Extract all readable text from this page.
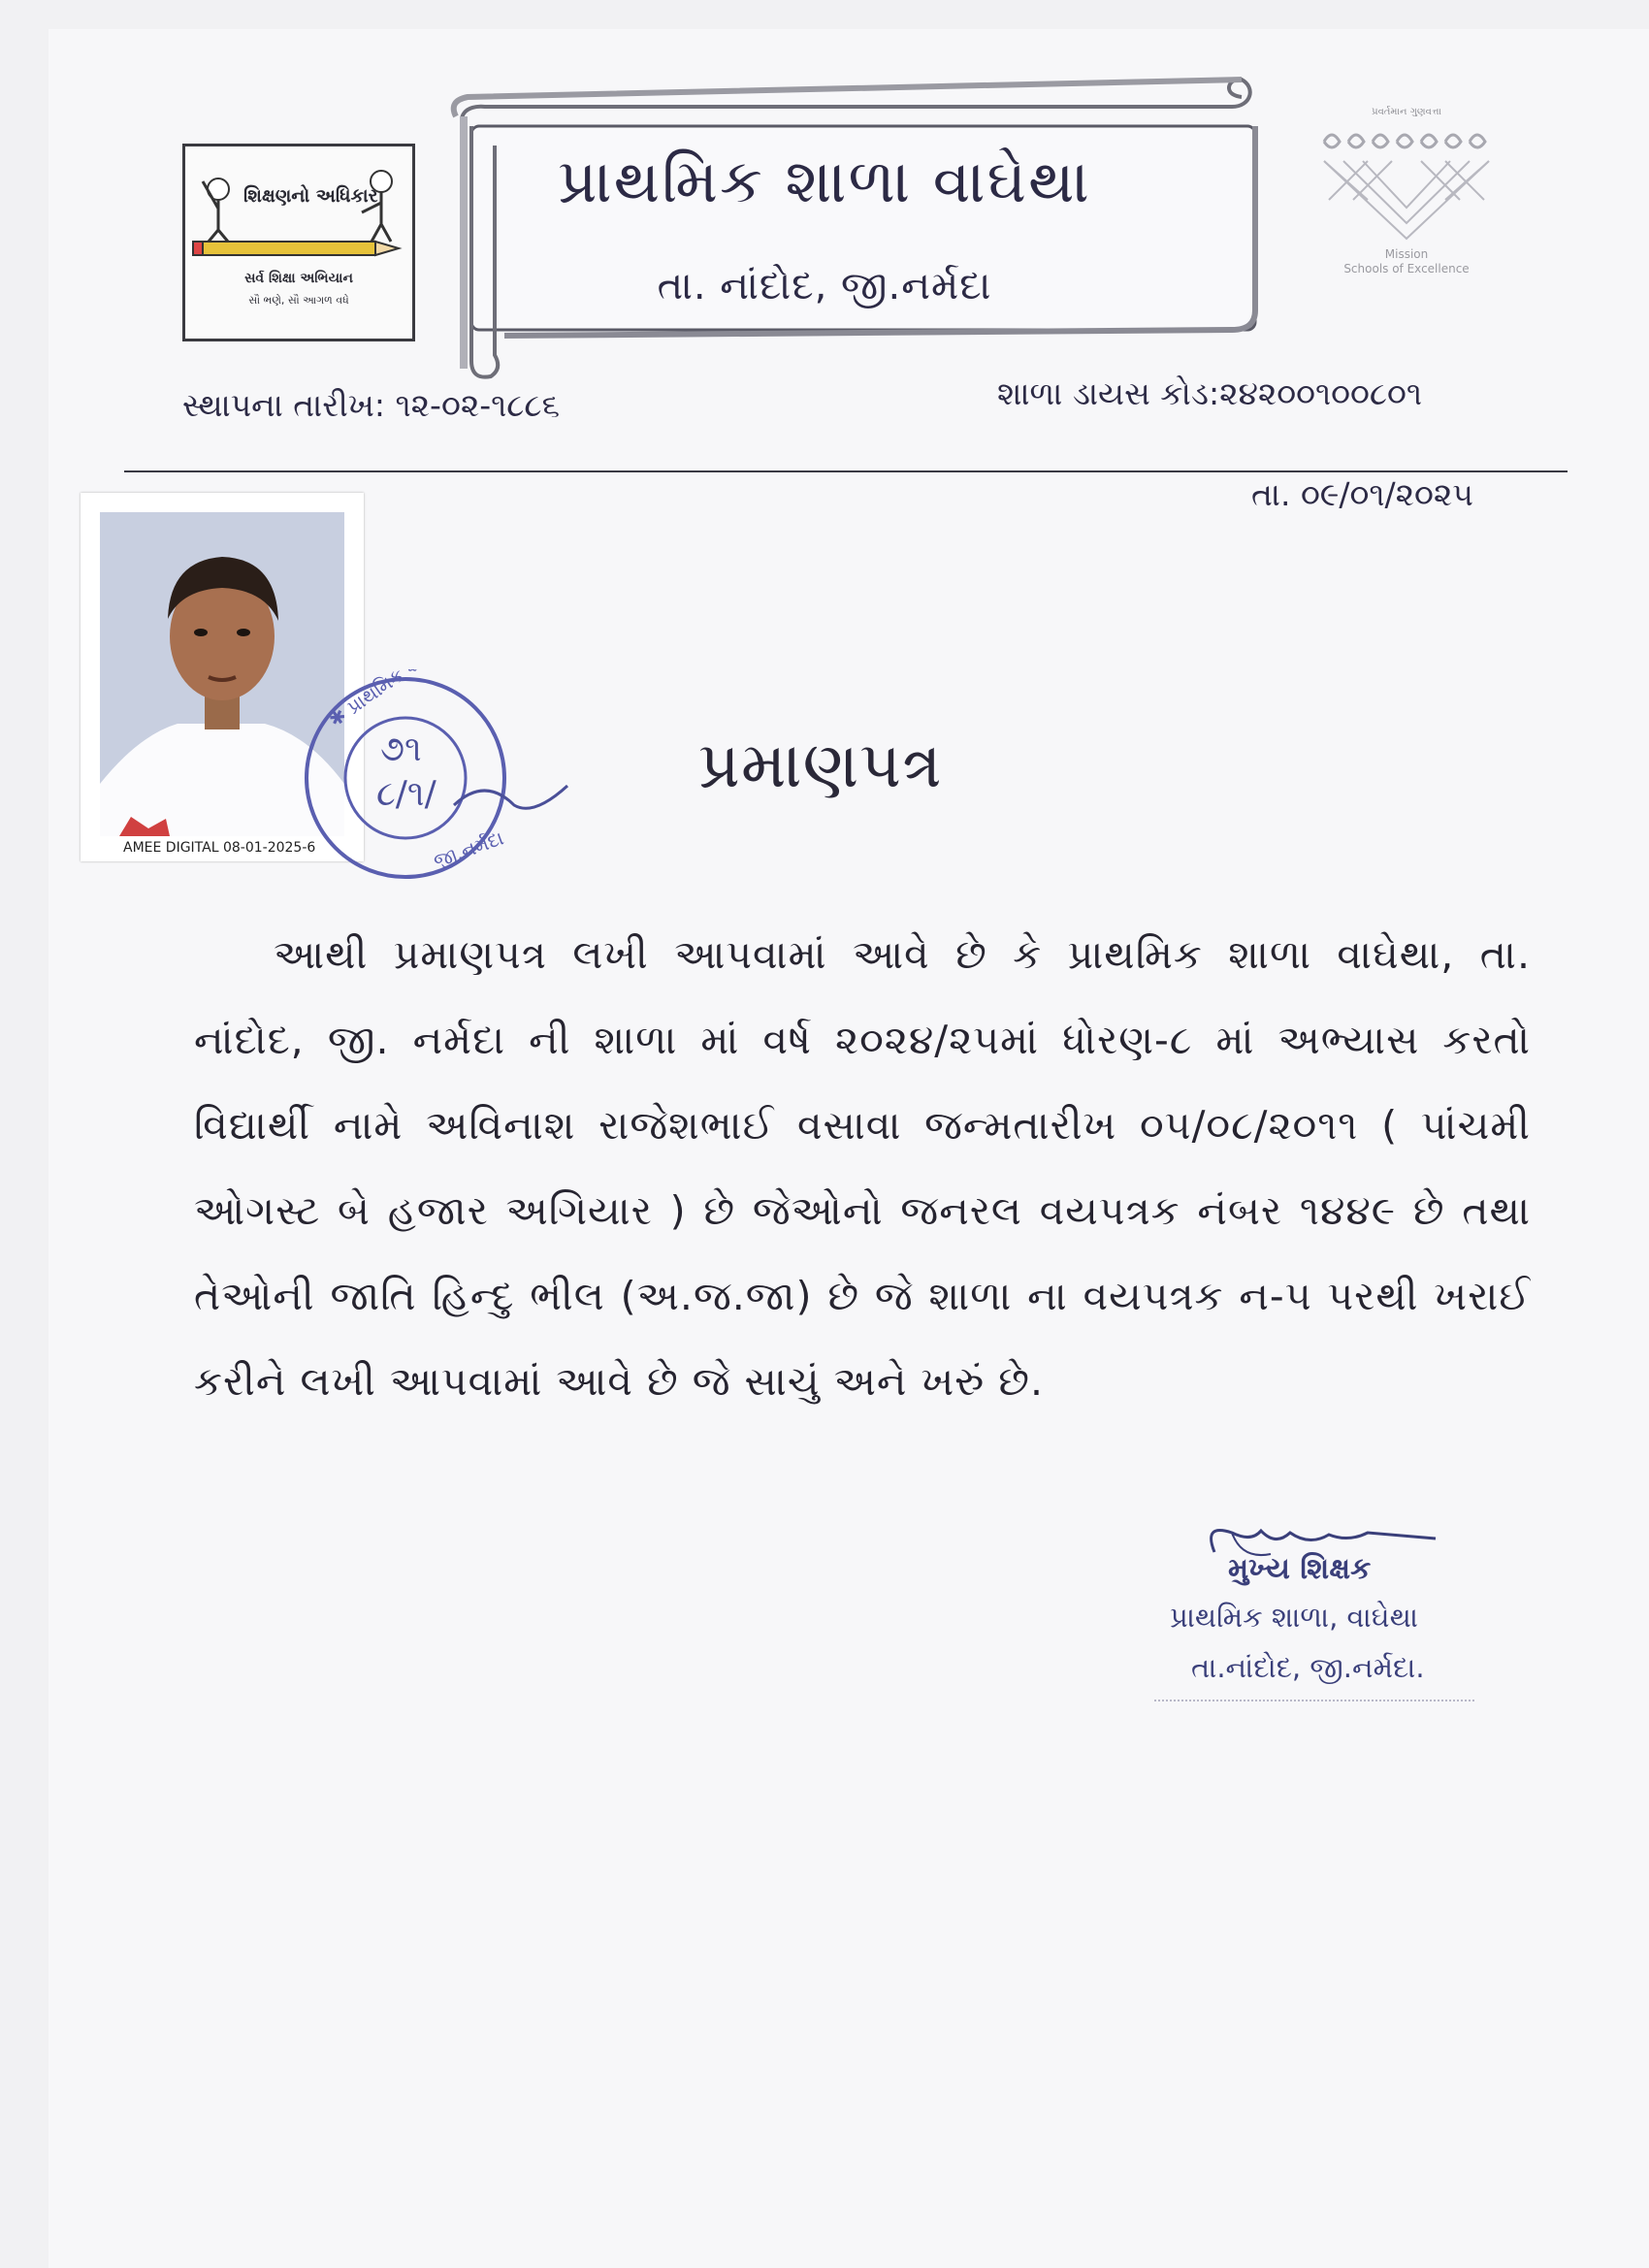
શિક્ષણનો અધિકાર
સર્વ શિક્ષા અભિયાન
સૌ ભણે, સૌ આગળ વધે
પ્રાથમિક શાળા વાઘેથા
તા. નાંદોદ, જી.નર્મદા
પ્રવર્તમાન ગુણવત્તા
Mission
Schools of Excellence
સ્થાપના તારીખ: ૧૨-૦૨-૧૮૮૬	શાળા ડાયસ કોડ:૨૪૨૦૦૧૦૦૮૦૧
તા. ૦૯/૦૧/૨૦૨૫
AMEE DIGITAL 08-01-2025-6
✱ પ્રાથમિક શાળા
જી.નર્મદા
૭૧
૮/૧/	પ્રમાણપત્ર

આથી પ્રમાણપત્ર લખી આપવામાં આવે છે કે પ્રાથમિક શાળા વાઘેથા, તા. નાંદોદ, જી. નર્મદા ની શાળા માં વર્ષ ૨૦૨૪/૨૫માં ધોરણ-૮ માં અભ્યાસ કરતો વિદ્યાર્થી નામે અવિનાશ રાજેશભાઈ વસાવા જન્મતારીખ ૦૫/૦૮/૨૦૧૧ ( પાંચમી ઓગસ્ટ બે હજાર અગિયાર ) છે જેઓનો જનરલ વયપત્રક નંબર ૧૪૪૯ છે તથા તેઓની જાતિ હિન્દુ ભીલ (અ.જ.જા) છે જે શાળા ના વયપત્રક ન-૫ પરથી ખરાઈ કરીને લખી આપવામાં આવે છે જે સાચું અને ખરું છે.

મુખ્ય શિક્ષક
પ્રાથમિક શાળા, વાઘેથા
તા.નાંદોદ, જી.નર્મદા.
